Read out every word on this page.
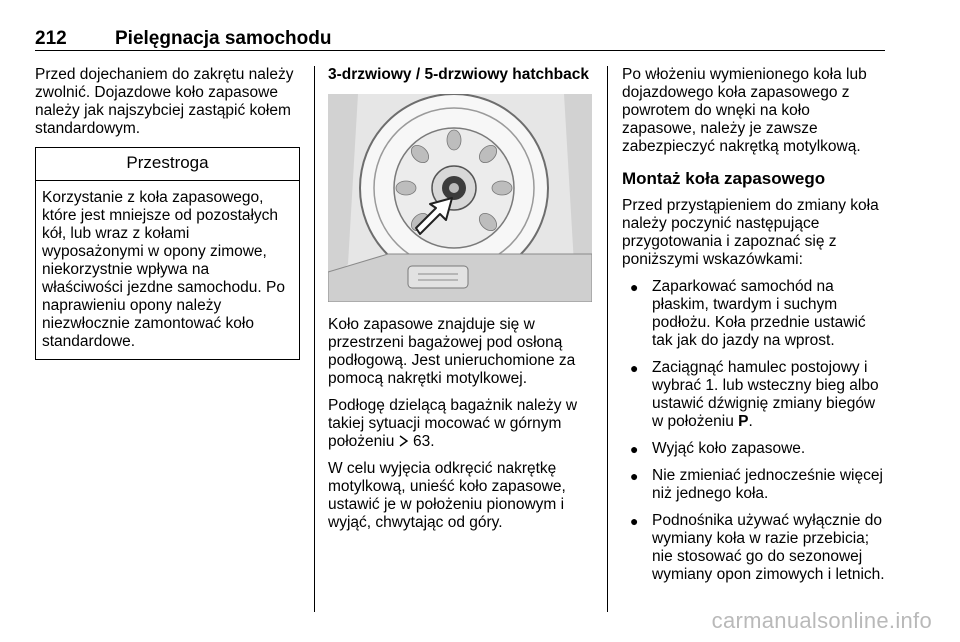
212	Pielęgnacja samochodu

Przed dojechaniem do zakrętu należy zwolnić. Dojazdowe koło zapasowe należy jak najszybciej zastąpić kołem standardowym.

Przestroga
Korzystanie z koła zapasowego, które jest mniejsze od pozostałych kół, lub wraz z kołami wyposażonymi w opony zimowe, niekorzystnie wpływa na właściwości jezdne samochodu. Po naprawieniu opony należy niezwłocznie zamontować koło standardowe.
3-drzwiowy / 5-drzwiowy hatchback

Koło zapasowe znajduje się w przestrzeni bagażowej pod osłoną podłogową. Jest unieruchomione za pomocą nakrętki motylkowej.

Podłogę dzielącą bagażnik należy w takiej sytuacji mocować w górnym położeniu 63.

W celu wyjęcia odkręcić nakrętkę motylkową, unieść koło zapasowe, ustawić je w położeniu pionowym i wyjąć, chwytając od góry.

Po włożeniu wymienionego koła lub dojazdowego koła zapasowego z powrotem do wnęki na koło zapasowe, należy je zawsze zabezpieczyć nakrętką motylkową.

Montaż koła zapasowego

Przed przystąpieniem do zmiany koła należy poczynić następujące przygotowania i zapoznać się z poniższymi wskazówkami:

● Zaparkować samochód na płaskim, twardym i suchym podłożu. Koła przednie ustawić tak jak do jazdy na wprost.
● Zaciągnąć hamulec postojowy i wybrać 1. lub wsteczny bieg albo ustawić dźwignię zmiany biegów w położeniu P.
● Wyjąć koło zapasowe.
● Nie zmieniać jednocześnie więcej niż jednego koła.
● Podnośnika używać wyłącznie do wymiany koła w razie przebicia; nie stosować go do sezonowej wymiany opon zimowych i letnich.
carmanualsonline.info
